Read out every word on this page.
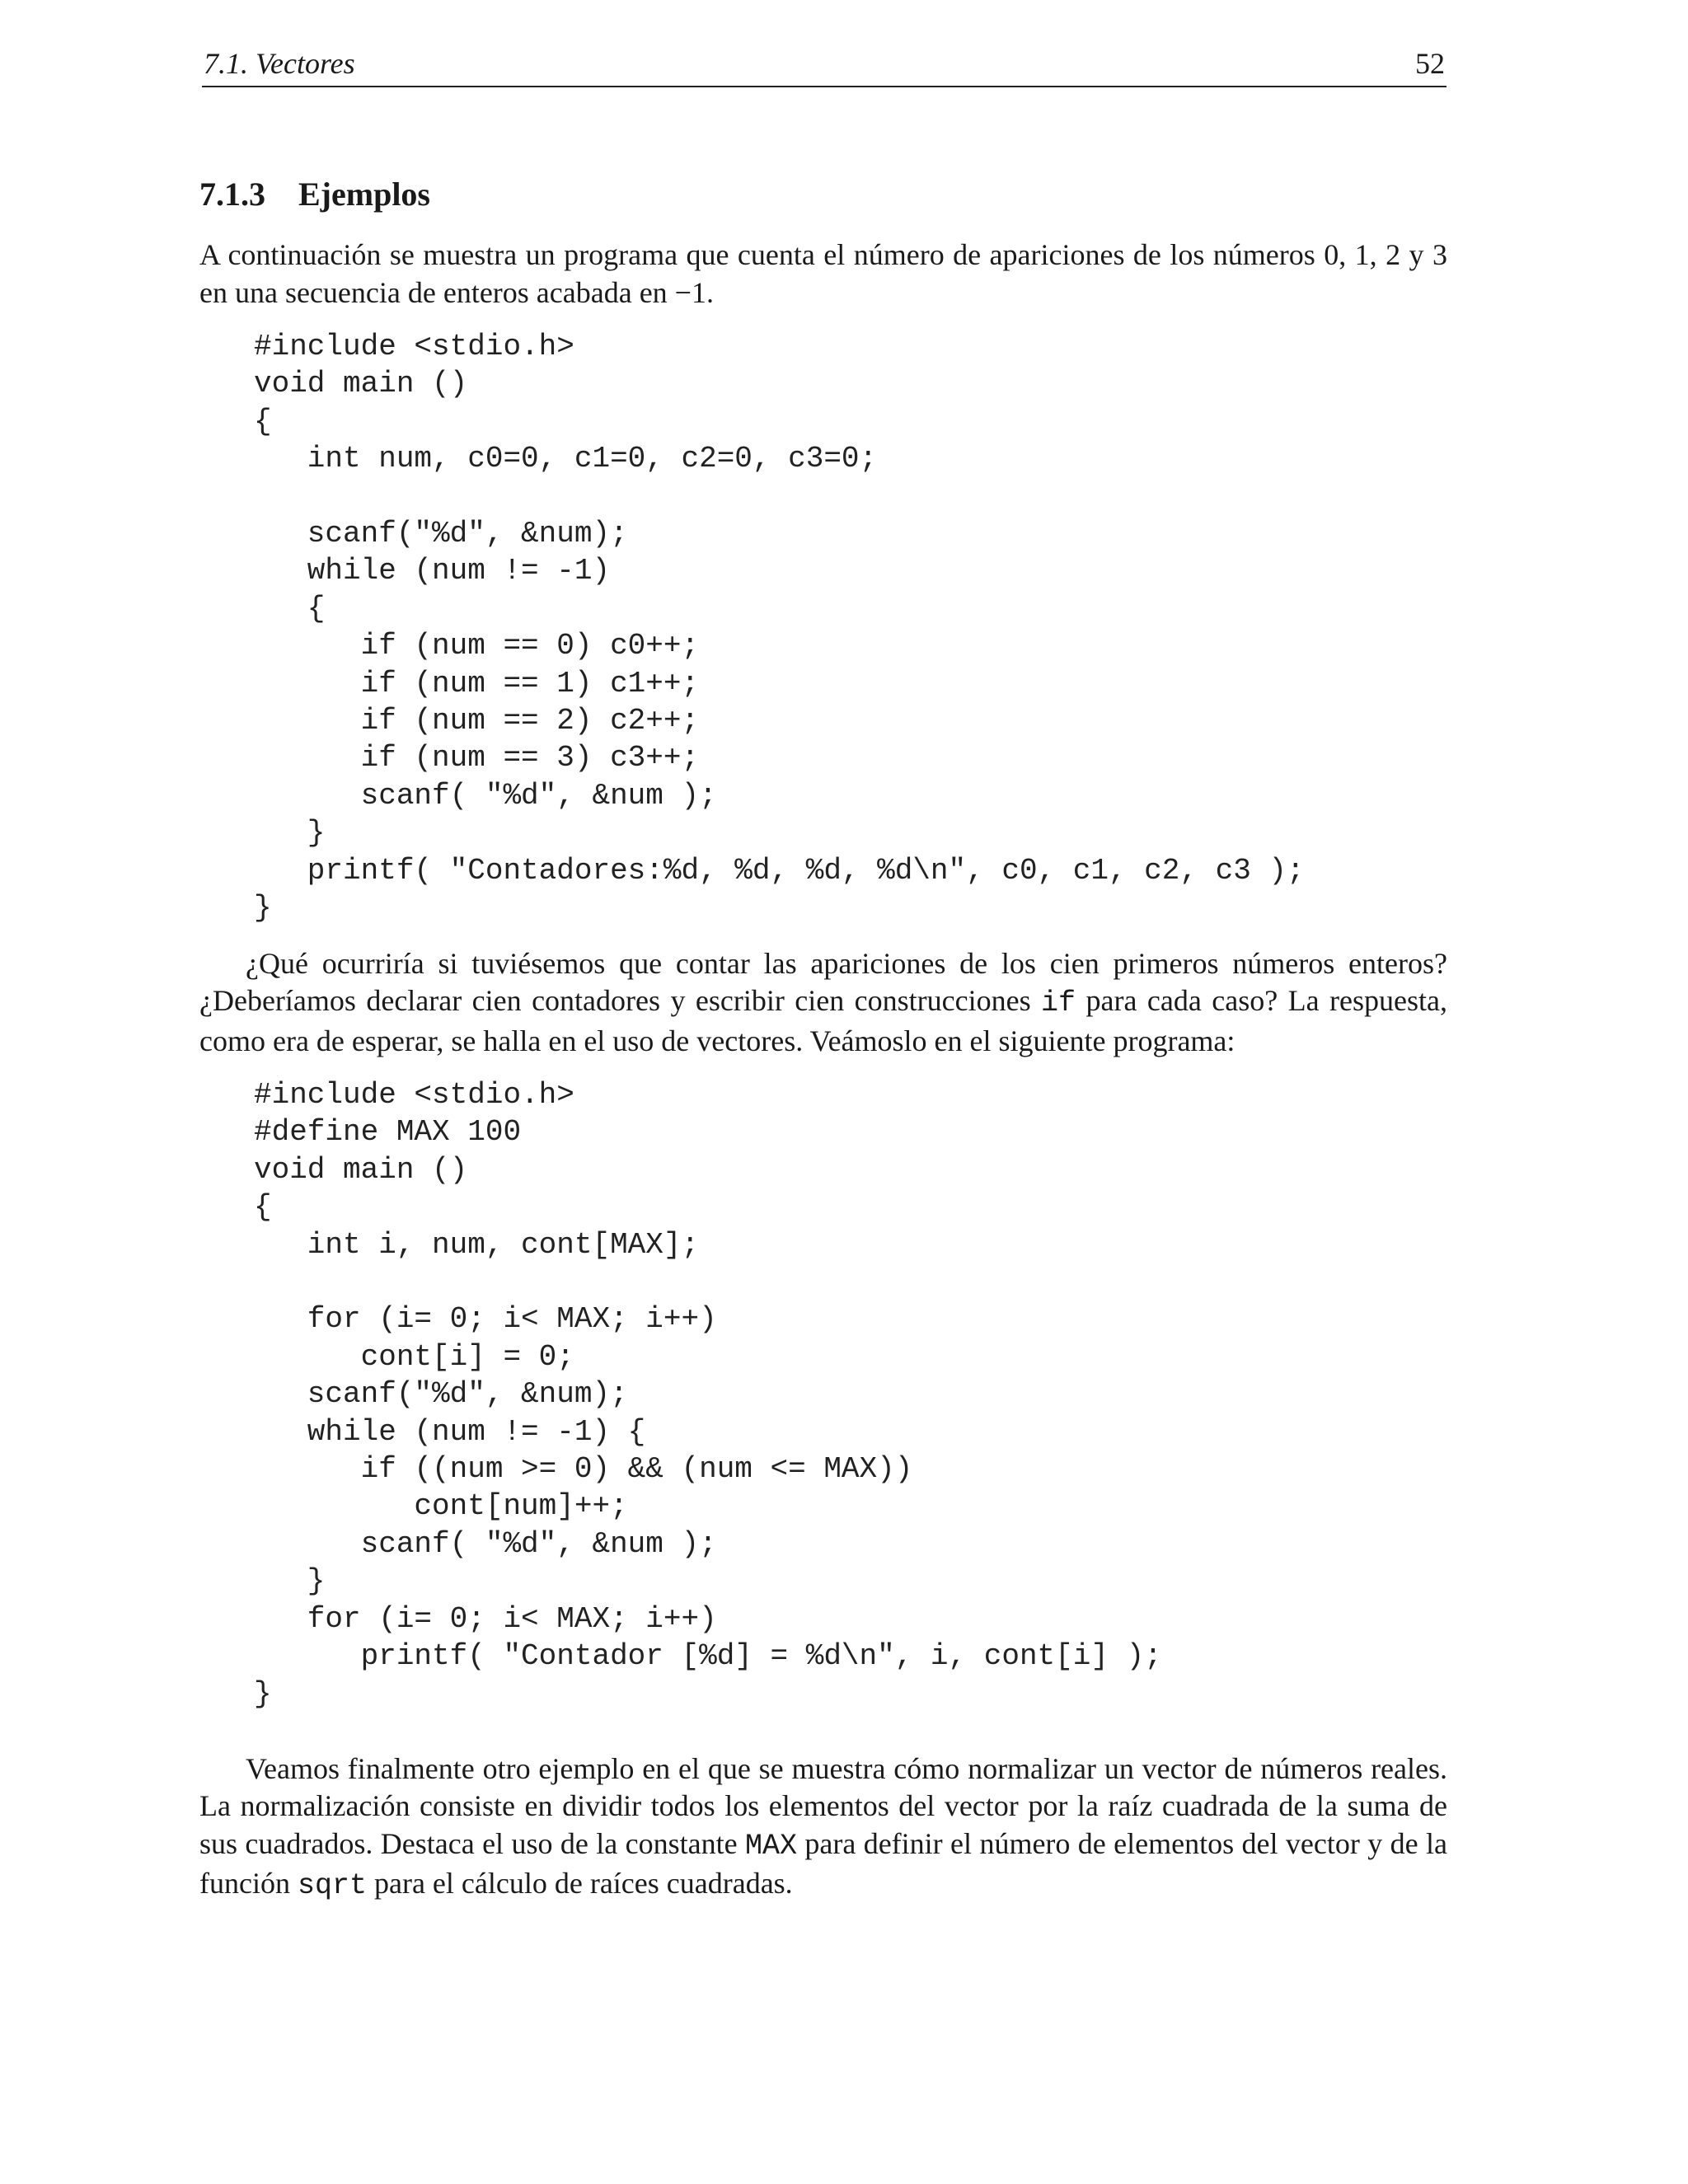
7.1. Vectores	52
7.1.3 Ejemplos

A continuación se muestra un programa que cuenta el número de apariciones de los números 0, 1, 2 y 3 en una secuencia de enteros acabada en −1.

#include <stdio.h>
void main ()
{
int num, c0=0, c1=0, c2=0, c3=0;

scanf("%d", &num);
while (num != -1)
{
if (num == 0) c0++;
if (num == 1) c1++;
if (num == 2) c2++;
if (num == 3) c3++;
scanf( "%d", &num );
}
printf( "Contadores:%d, %d, %d, %d\n", c0, c1, c2, c3 );
}

¿Qué ocurriría si tuviésemos que contar las apariciones de los cien primeros números enteros? ¿Deberíamos declarar cien contadores y escribir cien construcciones if para cada caso? La respuesta, como era de esperar, se halla en el uso de vectores. Veámoslo en el siguiente programa:

#include <stdio.h>
#define MAX 100
void main ()
{
int i, num, cont[MAX];

for (i= 0; i< MAX; i++)
cont[i] = 0;
scanf("%d", &num);
while (num != -1) {
if ((num >= 0) && (num <= MAX))
cont[num]++;
scanf( "%d", &num );
}
for (i= 0; i< MAX; i++)
printf( "Contador [%d] = %d\n", i, cont[i] );
}

Veamos finalmente otro ejemplo en el que se muestra cómo normalizar un vector de números reales. La normalización consiste en dividir todos los elementos del vector por la raíz cuadrada de la suma de sus cuadrados. Destaca el uso de la constante MAX para definir el número de elementos del vector y de la función sqrt para el cálculo de raíces cuadradas.
